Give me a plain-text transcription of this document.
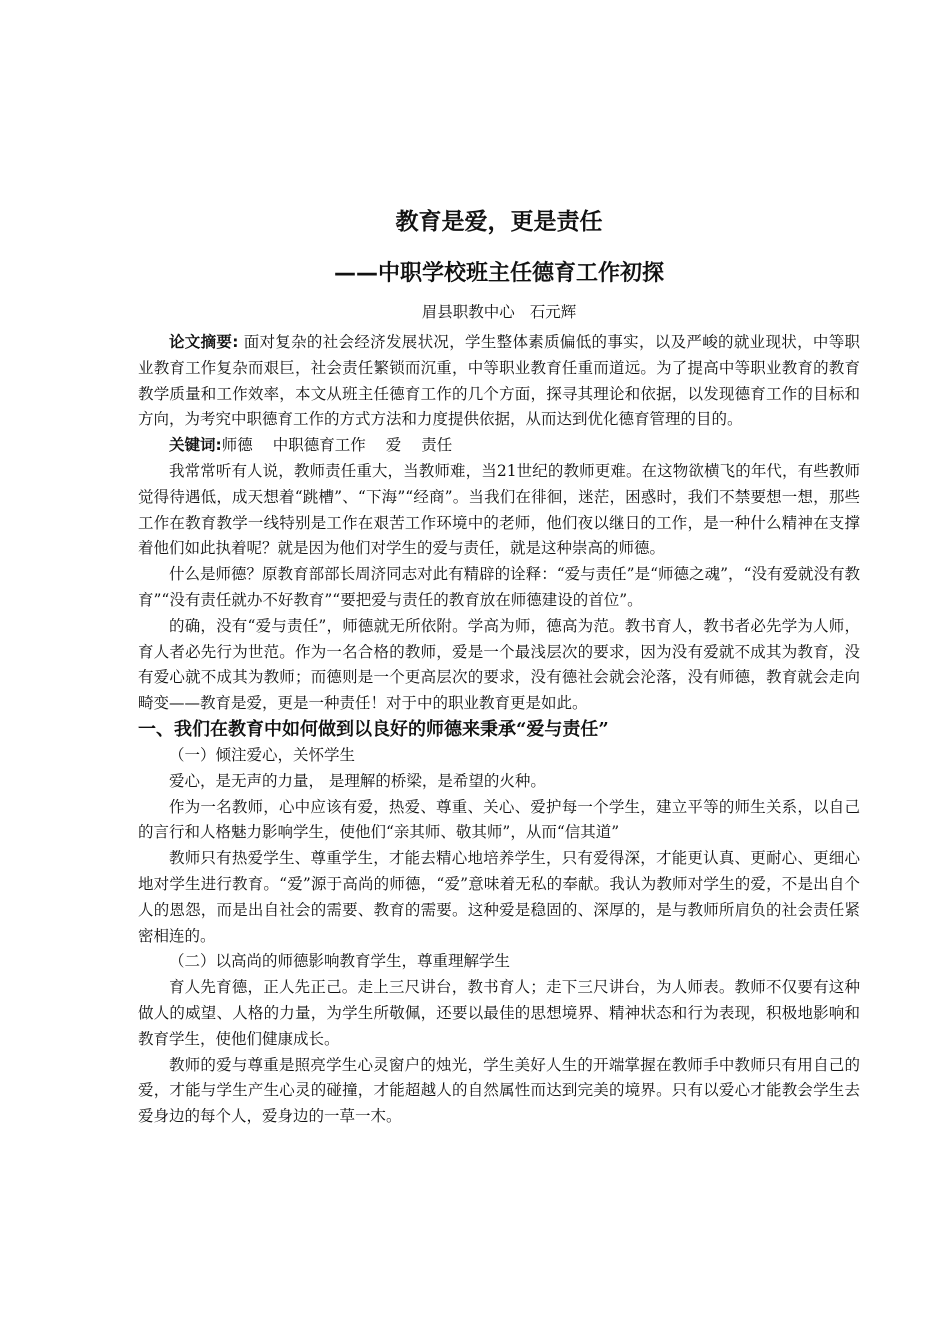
教育是爱，更是责任
——中职学校班主任德育工作初探
眉县职教中心 石元辉

论文摘要: 面对复杂的社会经济发展状况，学生整体素质偏低的事实，以及严峻的就业现状，中等职业教育工作复杂而艰巨，社会责任繁锁而沉重，中等职业教育任重而道远。为了提高中等职业教育的教育教学质量和工作效率，本文从班主任德育工作的几个方面，探寻其理论和依据，以发现德育工作的目标和方向，为考究中职德育工作的方式方法和力度提供依据，从而达到优化德育管理的目的。

关键词:师德 中职德育工作 爱 责任

我常常听有人说，教师责任重大，当教师难，当21世纪的教师更难。在这物欲横飞的年代，有些教师觉得待遇低，成天想着“跳槽”、“下海”“经商”。当我们在徘徊，迷茫，困惑时，我们不禁要想一想，那些工作在教育教学一线特别是工作在艰苦工作环境中的老师，他们夜以继日的工作，是一种什么精神在支撑着他们如此执着呢？就是因为他们对学生的爱与责任，就是这种崇高的师德。

什么是师德？原教育部部长周济同志对此有精辟的诠释：“爱与责任”是“师德之魂”，“没有爱就没有教育”“没有责任就办不好教育”“要把爱与责任的教育放在师德建设的首位”。

的确，没有“爱与责任”，师德就无所依附。学高为师，德高为范。教书育人，教书者必先学为人师，育人者必先行为世范。作为一名合格的教师，爱是一个最浅层次的要求，因为没有爱就不成其为教育，没有爱心就不成其为教师；而德则是一个更高层次的要求，没有德社会就会沦落，没有师德，教育就会走向畸变——教育是爱，更是一种责任！对于中的职业教育更是如此。

一、我们在教育中如何做到以良好的师德来秉承“爱与责任”
（一）倾注爱心，关怀学生

爱心，是无声的力量， 是理解的桥梁，是希望的火种。

作为一名教师，心中应该有爱，热爱、尊重、关心、爱护每一个学生，建立平等的师生关系，以自己的言行和人格魅力影响学生，使他们“亲其师、敬其师”，从而“信其道”

教师只有热爱学生、尊重学生，才能去精心地培养学生，只有爱得深，才能更认真、更耐心、更细心地对学生进行教育。“爱”源于高尚的师德，“爱”意味着无私的奉献。我认为教师对学生的爱，不是出自个人的恩怨，而是出自社会的需要、教育的需要。这种爱是稳固的、深厚的，是与教师所肩负的社会责任紧密相连的。

（二）以高尚的师德影响教育学生，尊重理解学生

育人先育德，正人先正己。走上三尺讲台，教书育人；走下三尺讲台，为人师表。教师不仅要有这种做人的威望、人格的力量，为学生所敬佩，还要以最佳的思想境界、精神状态和行为表现，积极地影响和教育学生，使他们健康成长。

教师的爱与尊重是照亮学生心灵窗户的烛光，学生美好人生的开端掌握在教师手中教师只有用自己的爱，才能与学生产生心灵的碰撞，才能超越人的自然属性而达到完美的境界。只有以爱心才能教会学生去爱身边的每个人，爱身边的一草一木。
